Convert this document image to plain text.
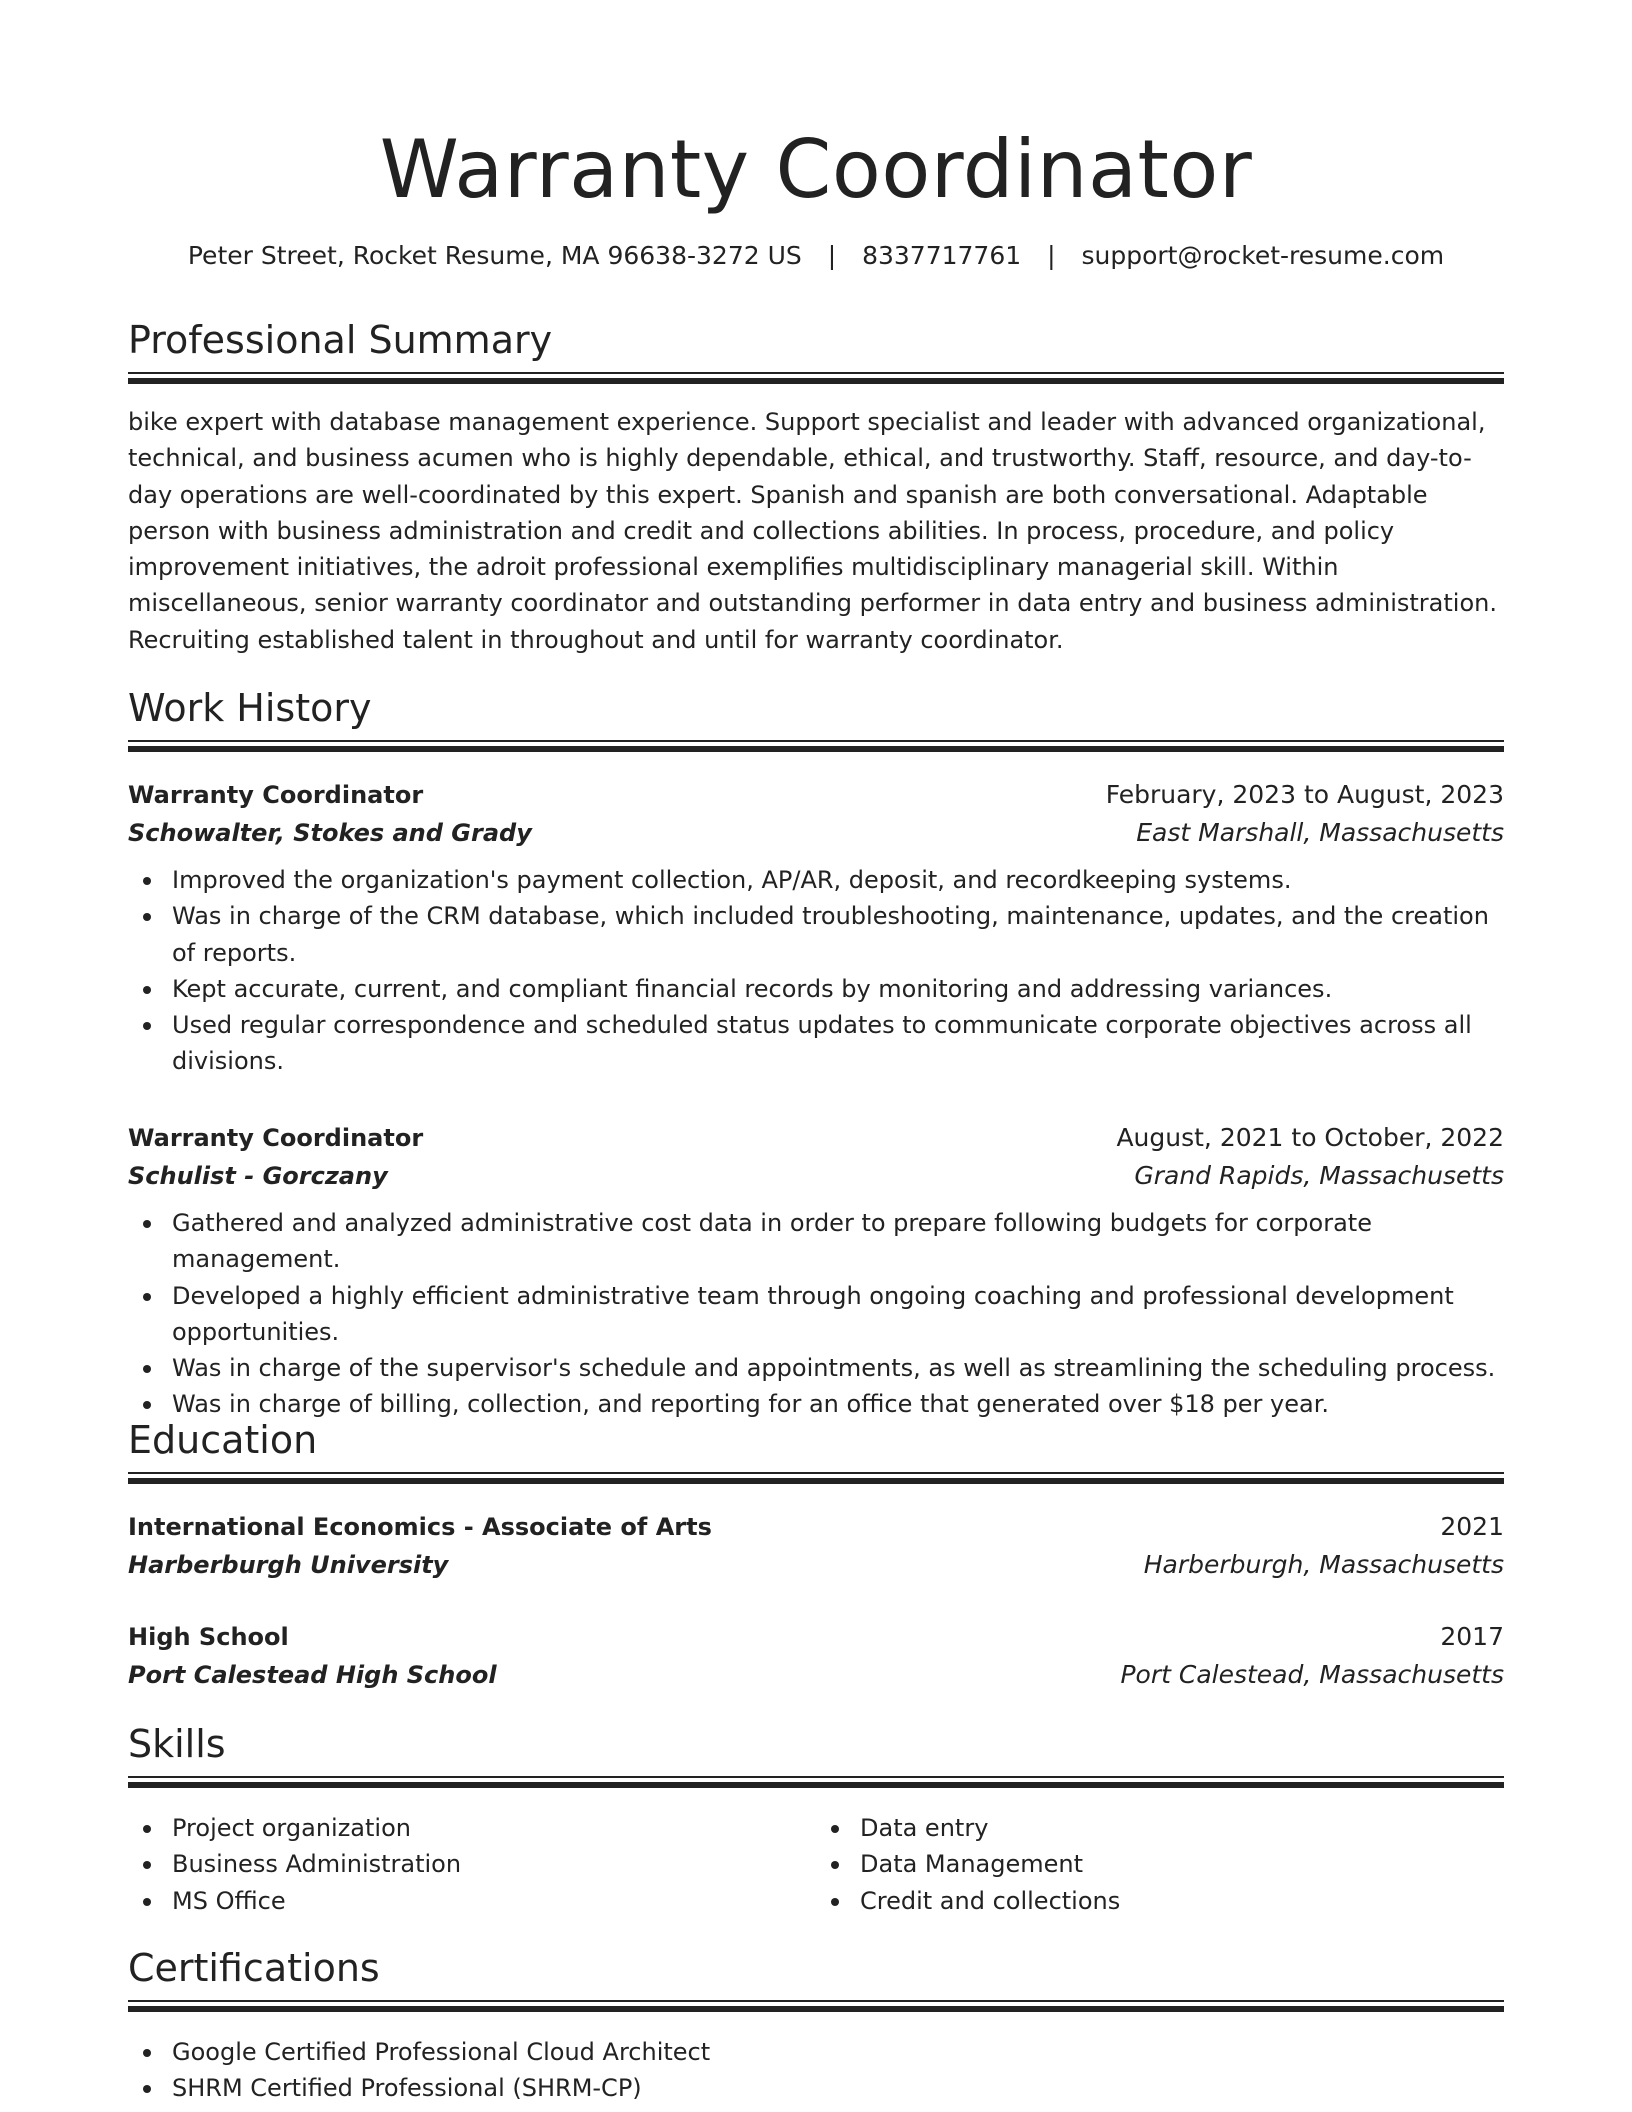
Warranty Coordinator
Peter Street, Rocket Resume, MA 96638-3272 US | 8337717761 | support@rocket-resume.com
Professional Summary
bike expert with database management experience. Support specialist and leader with advanced organizational, technical, and business acumen who is highly dependable, ethical, and trustworthy. Staff, resource, and day-to-day operations are well-coordinated by this expert. Spanish and spanish are both conversational. Adaptable person with business administration and credit and collections abilities. In process, procedure, and policy improvement initiatives, the adroit professional exemplifies multidisciplinary managerial skill. Within miscellaneous, senior warranty coordinator and outstanding performer in data entry and business administration. Recruiting established talent in throughout and until for warranty coordinator.
Work History
Warranty Coordinator	February, 2023 to August, 2023
Schowalter, Stokes and Grady	East Marshall, Massachusetts
Improved the organization's payment collection, AP/AR, deposit, and recordkeeping systems.
Was in charge of the CRM database, which included troubleshooting, maintenance, updates, and the creation of reports.
Kept accurate, current, and compliant financial records by monitoring and addressing variances.
Used regular correspondence and scheduled status updates to communicate corporate objectives across all divisions.
Warranty Coordinator	August, 2021 to October, 2022
Schulist - Gorczany	Grand Rapids, Massachusetts
Gathered and analyzed administrative cost data in order to prepare following budgets for corporate management.
Developed a highly efficient administrative team through ongoing coaching and professional development opportunities.
Was in charge of the supervisor's schedule and appointments, as well as streamlining the scheduling process.
Was in charge of billing, collection, and reporting for an office that generated over $18 per year.
Education
International Economics - Associate of Arts	2021
Harberburgh University	Harberburgh, Massachusetts
High School	2017
Port Calestead High School	Port Calestead, Massachusetts
Skills
Project organization
Business Administration
MS Office
Data entry
Data Management
Credit and collections
Certifications
Google Certified Professional Cloud Architect
SHRM Certified Professional (SHRM-CP)
